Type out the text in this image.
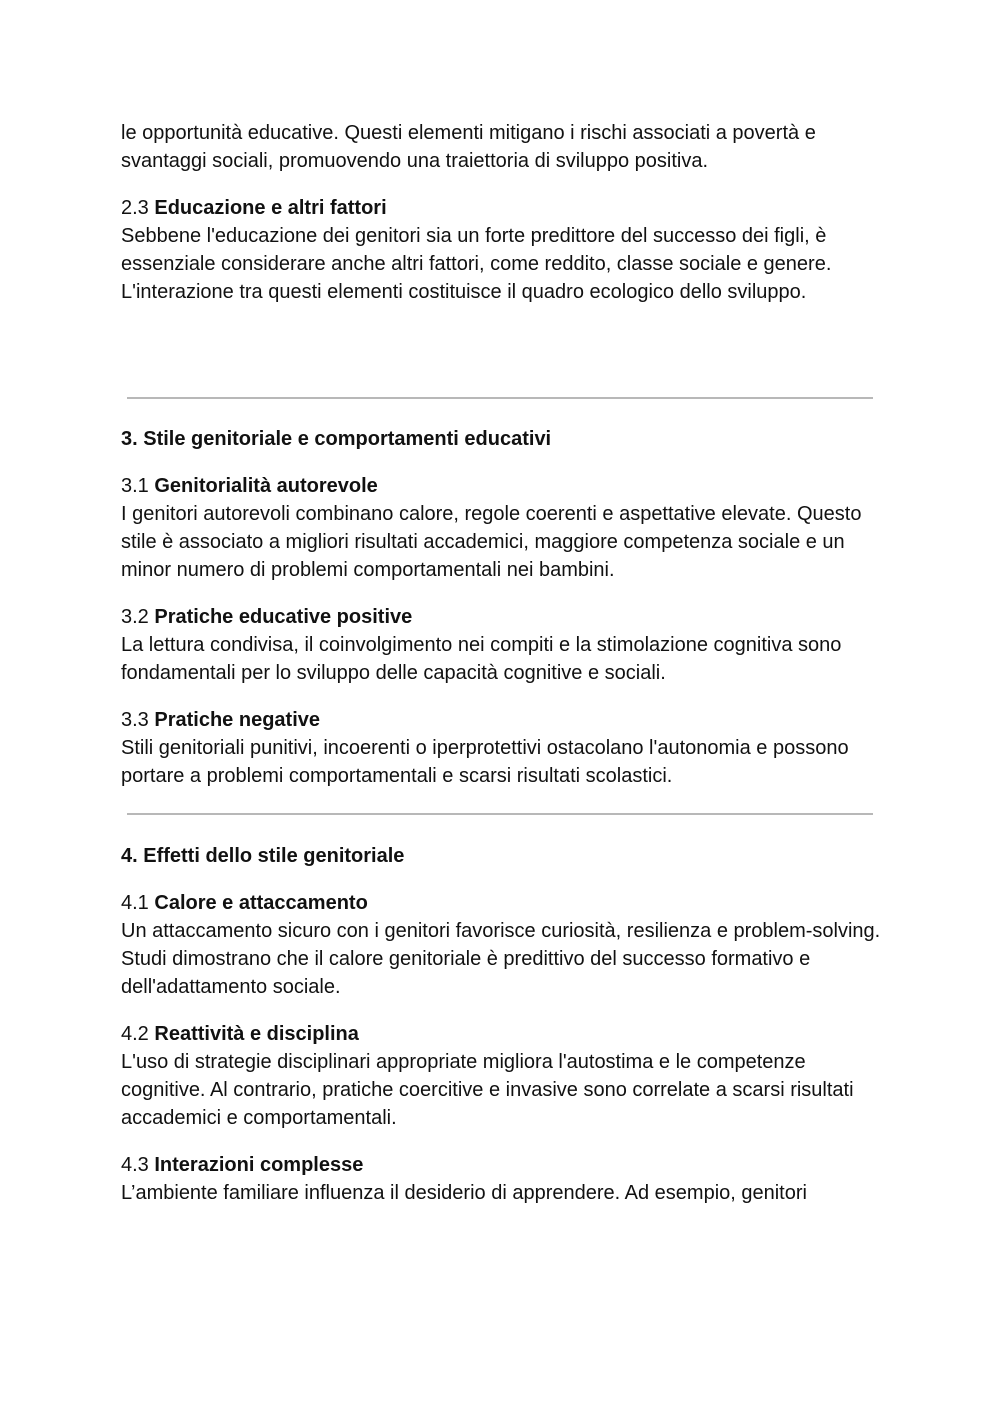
le opportunità educative. Questi elementi mitigano i rischi associati a povertà e svantaggi sociali, promuovendo una traiettoria di sviluppo positiva.

2.3 Educazione e altri fattori

Sebbene l'educazione dei genitori sia un forte predittore del successo dei figli, è essenziale considerare anche altri fattori, come reddito, classe sociale e genere. L'interazione tra questi elementi costituisce il quadro ecologico dello sviluppo.

3. Stile genitoriale e comportamenti educativi

3.1 Genitorialità autorevole

I genitori autorevoli combinano calore, regole coerenti e aspettative elevate. Questo stile è associato a migliori risultati accademici, maggiore competenza sociale e un minor numero di problemi comportamentali nei bambini.

3.2 Pratiche educative positive

La lettura condivisa, il coinvolgimento nei compiti e la stimolazione cognitiva sono fondamentali per lo sviluppo delle capacità cognitive e sociali.

3.3 Pratiche negative

Stili genitoriali punitivi, incoerenti o iperprotettivi ostacolano l'autonomia e possono portare a problemi comportamentali e scarsi risultati scolastici.

4. Effetti dello stile genitoriale

4.1 Calore e attaccamento

Un attaccamento sicuro con i genitori favorisce curiosità, resilienza e problem-solving. Studi dimostrano che il calore genitoriale è predittivo del successo formativo e dell'adattamento sociale.

4.2 Reattività e disciplina

L'uso di strategie disciplinari appropriate migliora l'autostima e le competenze cognitive. Al contrario, pratiche coercitive e invasive sono correlate a scarsi risultati accademici e comportamentali.

4.3 Interazioni complesse

L’ambiente familiare influenza il desiderio di apprendere. Ad esempio, genitori
